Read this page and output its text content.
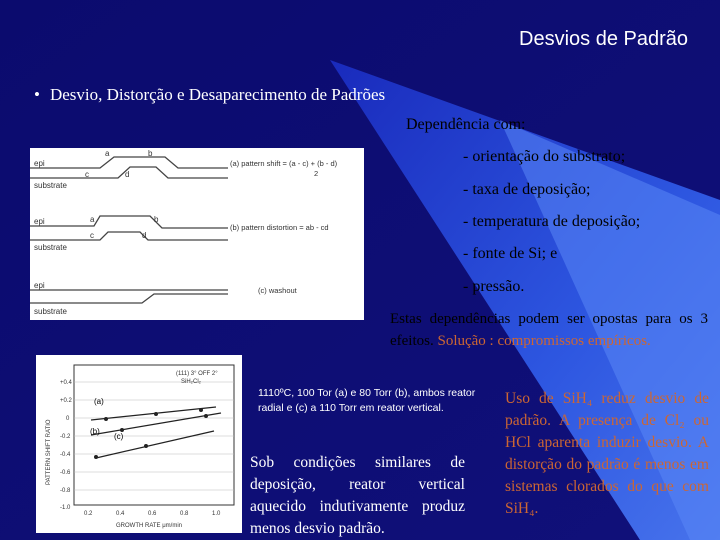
Desvios de Padrão
• Desvio, Distorção e Desaparecimento de Padrões
Dependência com:
- orientação do substrato;
- taxa de deposição;
- temperatura de deposição;
- fonte de Si; e
- pressão.
a	b
c	d
epi
substrate
(a) pattern shift = (a - c) + (b - d)
2
a	b
c	d
epi
substrate
(b) pattern distortion = ab - cd
epi
substrate
(c) washout
Estas dependências podem ser opostas para os 3 efeitos. Solução : compromissos empíricos.
+0.4
+0.2
0
-0.2
-0.4
-0.6
-0.8
-1.0
0.2	0.4	0.6	0.8	1.0
GROWTH RATE μm/min
PATTERN SHIFT RATIO
(111) 3° OFF 2°
SiH₂Cl₂
(a)
(b)
(c)
1110ºC, 100 Tor (a) e 80 Torr (b), ambos reator radial e (c) a 110 Torr em reator vertical.
Sob condições similares de deposição, reator vertical aquecido indutivamente produz menos desvio padrão.
Uso de SiH₄ reduz desvio de padrão. A presença de Cl₂ ou HCl aparenta induzir desvio. A distorção do padrão é menos em sistemas clorados do que com SiH₄.
